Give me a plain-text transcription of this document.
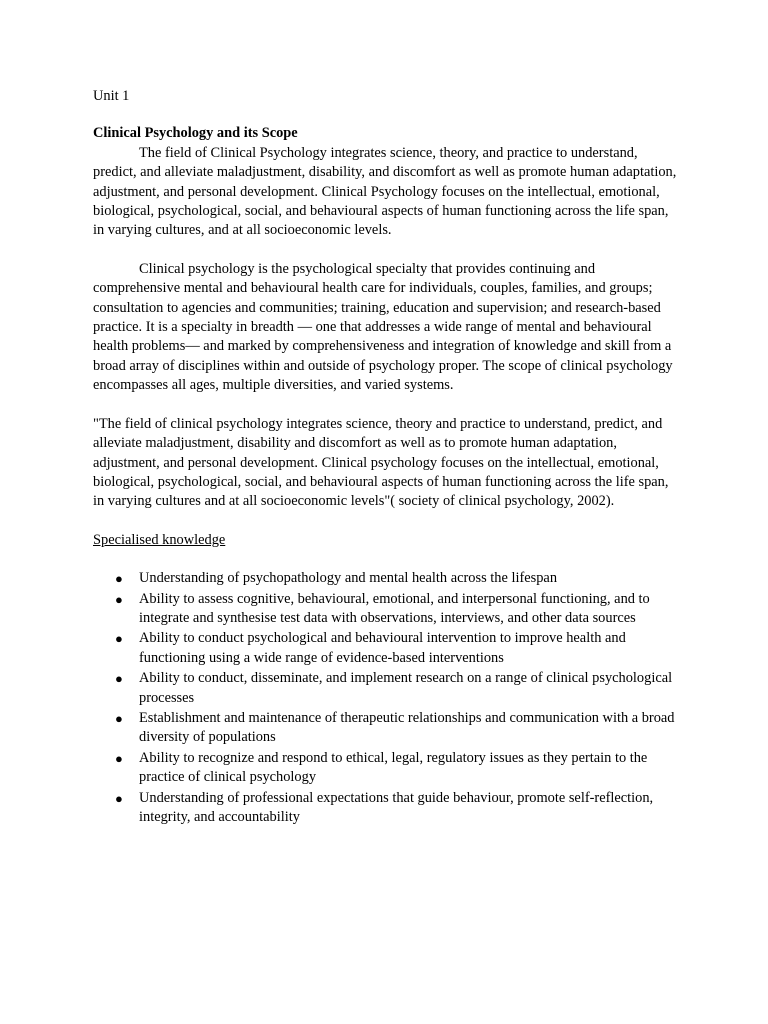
Unit 1

Clinical Psychology and its Scope

The field of Clinical Psychology integrates science, theory, and practice to understand, predict, and alleviate maladjustment, disability, and discomfort as well as promote human adaptation, adjustment, and personal development. Clinical Psychology focuses on the intellectual, emotional, biological, psychological, social, and behavioural aspects of human functioning across the life span, in varying cultures, and at all socioeconomic levels.

Clinical psychology is the psychological specialty that provides continuing and comprehensive mental and behavioural health care for individuals, couples, families, and groups; consultation to agencies and communities; training, education and supervision; and research-based practice. It is a specialty in breadth — one that addresses a wide range of mental and behavioural health problems— and marked by comprehensiveness and integration of knowledge and skill from a broad array of disciplines within and outside of psychology proper. The scope of clinical psychology encompasses all ages, multiple diversities, and varied systems.

"The field of clinical psychology integrates science, theory and practice to understand, predict, and alleviate maladjustment, disability and discomfort as well as to promote human adaptation, adjustment, and personal development. Clinical psychology focuses on the intellectual, emotional, biological, psychological, social, and behavioural aspects of human functioning across the life span, in varying cultures and at all socioeconomic levels"( society of clinical psychology, 2002).

Specialised knowledge

● Understanding of psychopathology and mental health across the lifespan
● Ability to assess cognitive, behavioural, emotional, and interpersonal functioning, and to integrate and synthesise test data with observations, interviews, and other data sources
● Ability to conduct psychological and behavioural intervention to improve health and functioning using a wide range of evidence-based interventions
● Ability to conduct, disseminate, and implement research on a range of clinical psychological processes
● Establishment and maintenance of therapeutic relationships and communication with a broad diversity of populations
● Ability to recognize and respond to ethical, legal, regulatory issues as they pertain to the practice of clinical psychology
● Understanding of professional expectations that guide behaviour, promote self-reflection, integrity, and accountability
